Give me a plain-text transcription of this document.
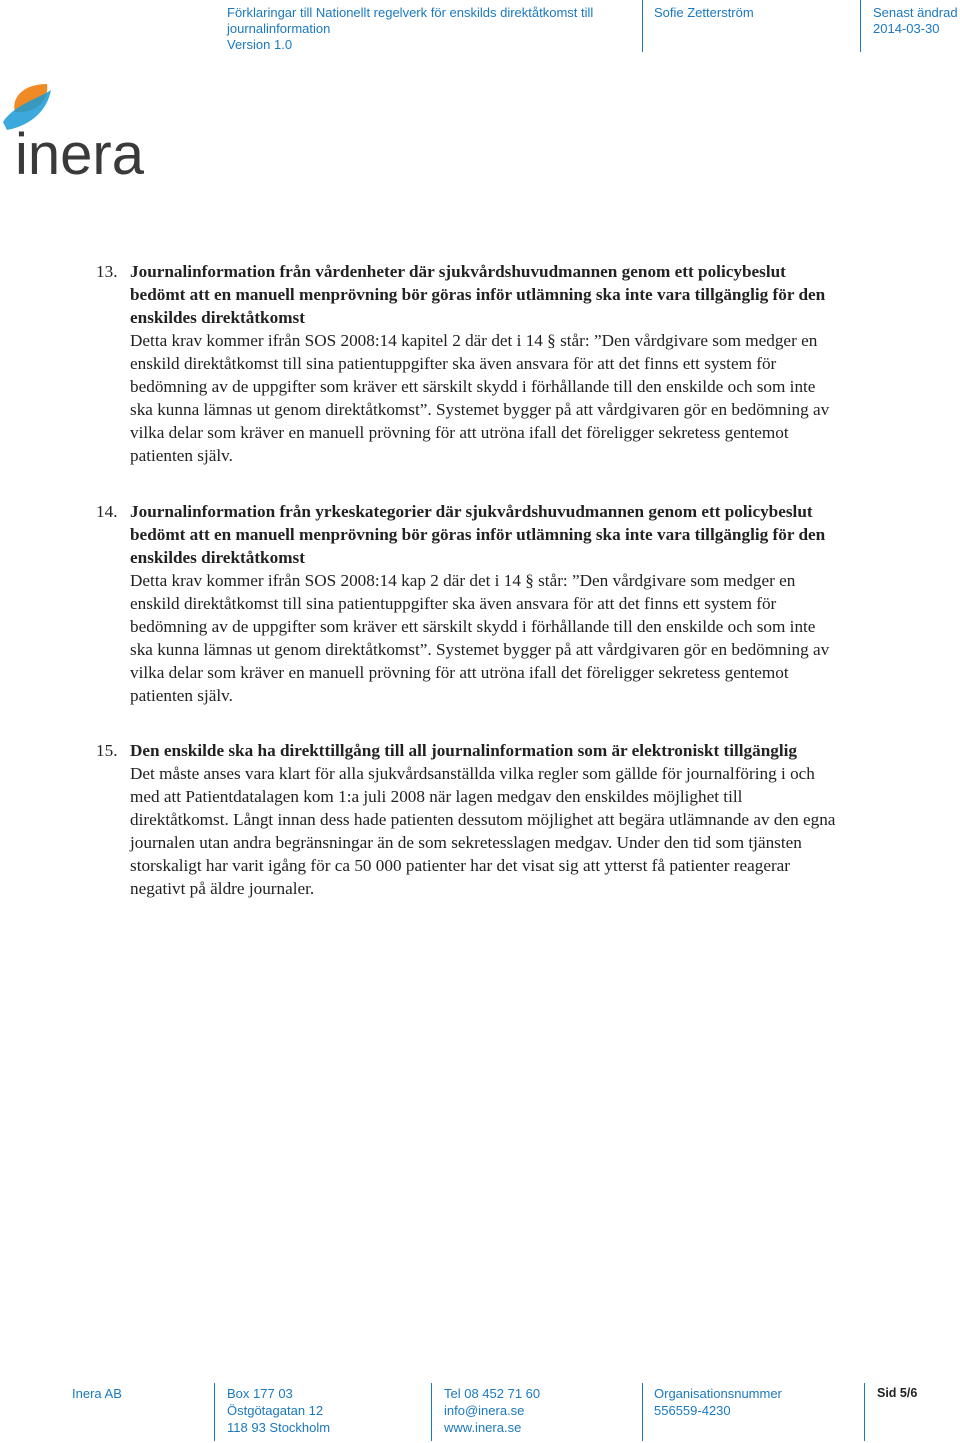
Förklaringar till Nationellt regelverk för enskilds direktåtkomst till
journalinformation
Version 1.0
Sofie Zetterström	Senast ändrad
2014-03-30
inera
13. Journalinformation från vårdenheter där sjukvårdshuvudmannen genom ett policybeslut bedömt att en manuell menprövning bör göras inför utlämning ska inte vara tillgänglig för den enskildes direktåtkomst

Detta krav kommer ifrån SOS 2008:14 kapitel 2 där det i 14 § står: ”Den vårdgivare som medger en enskild direktåtkomst till sina patientuppgifter ska även ansvara för att det finns ett system för bedömning av de uppgifter som kräver ett särskilt skydd i förhållande till den enskilde och som inte ska kunna lämnas ut genom direktåtkomst”. Systemet bygger på att vårdgivaren gör en bedömning av vilka delar som kräver en manuell prövning för att utröna ifall det föreligger sekretess gentemot patienten själv.

14. Journalinformation från yrkeskategorier där sjukvårdshuvudmannen genom ett policybeslut bedömt att en manuell menprövning bör göras inför utlämning ska inte vara tillgänglig för den enskildes direktåtkomst

Detta krav kommer ifrån SOS 2008:14 kap 2 där det i 14 § står: ”Den vårdgivare som medger en enskild direktåtkomst till sina patientuppgifter ska även ansvara för att det finns ett system för bedömning av de uppgifter som kräver ett särskilt skydd i förhållande till den enskilde och som inte ska kunna lämnas ut genom direktåtkomst”. Systemet bygger på att vårdgivaren gör en bedömning av vilka delar som kräver en manuell prövning för att utröna ifall det föreligger sekretess gentemot patienten själv.

15. Den enskilde ska ha direkttillgång till all journalinformation som är elektroniskt tillgänglig

Det måste anses vara klart för alla sjukvårdsanställda vilka regler som gällde för journalföring i och med att Patientdatalagen kom 1:a juli 2008 när lagen medgav den enskildes möjlighet till direktåtkomst. Långt innan dess hade patienten dessutom möjlighet att begära utlämnande av den egna journalen utan andra begränsningar än de som sekretesslagen medgav. Under den tid som tjänsten storskaligt har varit igång för ca 50 000 patienter har det visat sig att ytterst få patienter reagerar negativt på äldre journaler.

Inera AB	Box 177 03
Östgötagatan 12
118 93 Stockholm
Tel 08 452 71 60
info@inera.se
www.inera.se
Organisationsnummer
556559-4230
Sid 5/6
